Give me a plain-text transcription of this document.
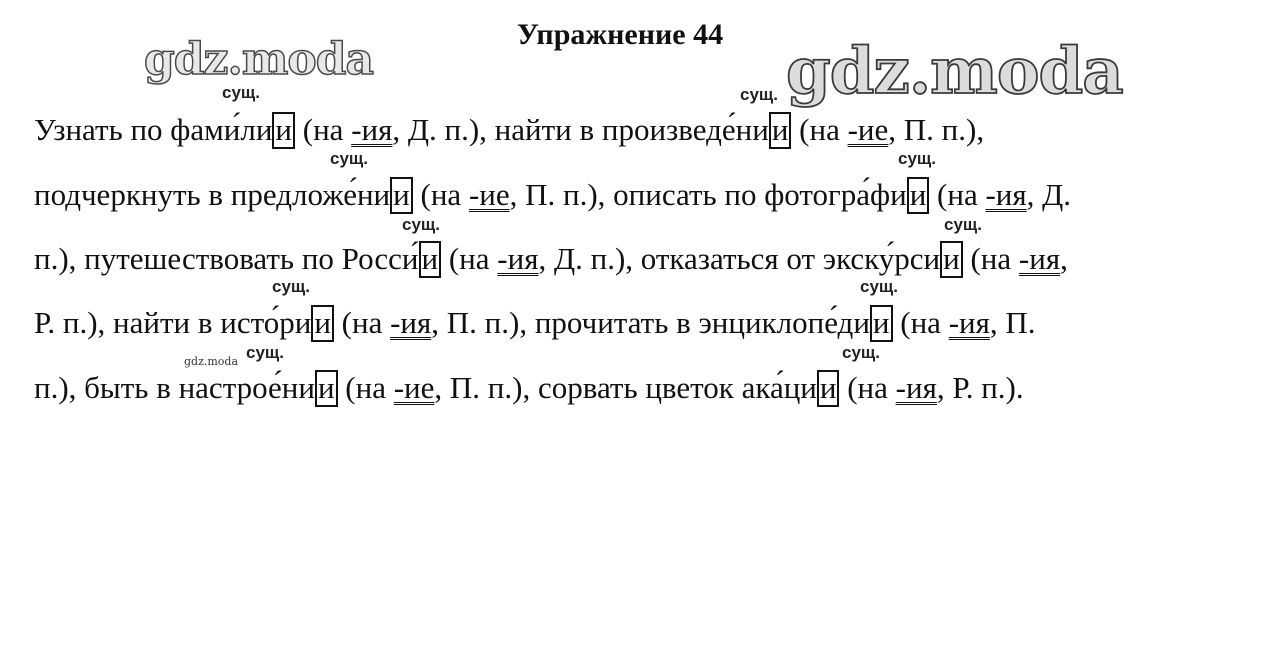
Упражнение 44
gdz.moda	gdz.moda
gdz.moda
сущ.	сущ.
сущ.	сущ.
сущ.	сущ.
сущ.	сущ.
сущ.	сущ.
Узнать по фами́лии (на -ия, Д. п.), найти в произведе́нии (на -ие, П. п.),
подчеркнуть в предложе́нии (на -ие, П. п.), описать по фотогра́фии (на -ия, Д.
п.), путешествовать по Росси́и (на -ия, Д. п.), отказаться от экску́рсии (на -ия,
Р. п.), найти в исто́рии (на -ия, П. п.), прочитать в энциклопе́дии (на -ия, П.
п.), быть в настрое́нии (на -ие, П. п.), сорвать цветок ака́ции (на -ия, Р. п.).
